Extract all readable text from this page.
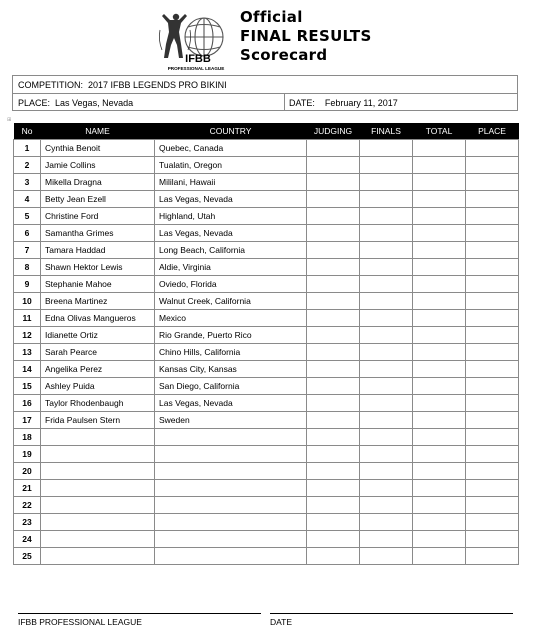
IFBB
PROFESSIONAL LEAGUE
Official
FINAL RESULTS
Scorecard
COMPETITION:
2017 IFBB LEGENDS PRO BIKINI
PLACE:
Las Vegas, Nevada	DATE:
February 11, 2017
⊞
▫
No	NAME	COUNTRY	JUDGING	FINALS	TOTAL	PLACE
1	Cynthia Benoit	Quebec, Canada				
2	Jamie Collins	Tualatin, Oregon				
3	Mikella Dragna	Mililani, Hawaii				
4	Betty Jean Ezell	Las Vegas, Nevada				
5	Christine Ford	Highland, Utah				
6	Samantha Grimes	Las Vegas, Nevada				
7	Tamara Haddad	Long Beach, California				
8	Shawn Hektor Lewis	Aldie, Virginia				
9	Stephanie Mahoe	Oviedo, Florida				
10	Breena Martinez	Walnut Creek, California				
11	Edna Olivas Mangueros	Mexico				
12	Idianette Ortiz	Rio Grande, Puerto Rico				
13	Sarah Pearce	Chino Hills, California				
14	Angelika Perez	Kansas City, Kansas				
15	Ashley Puida	San Diego, California				
16	Taylor Rhodenbaugh	Las Vegas, Nevada				
17	Frida Paulsen Stern	Sweden				
18						
19						
20						
21						
22						
23						
24						
25						
IFBB PROFESSIONAL LEAGUE	DATE
